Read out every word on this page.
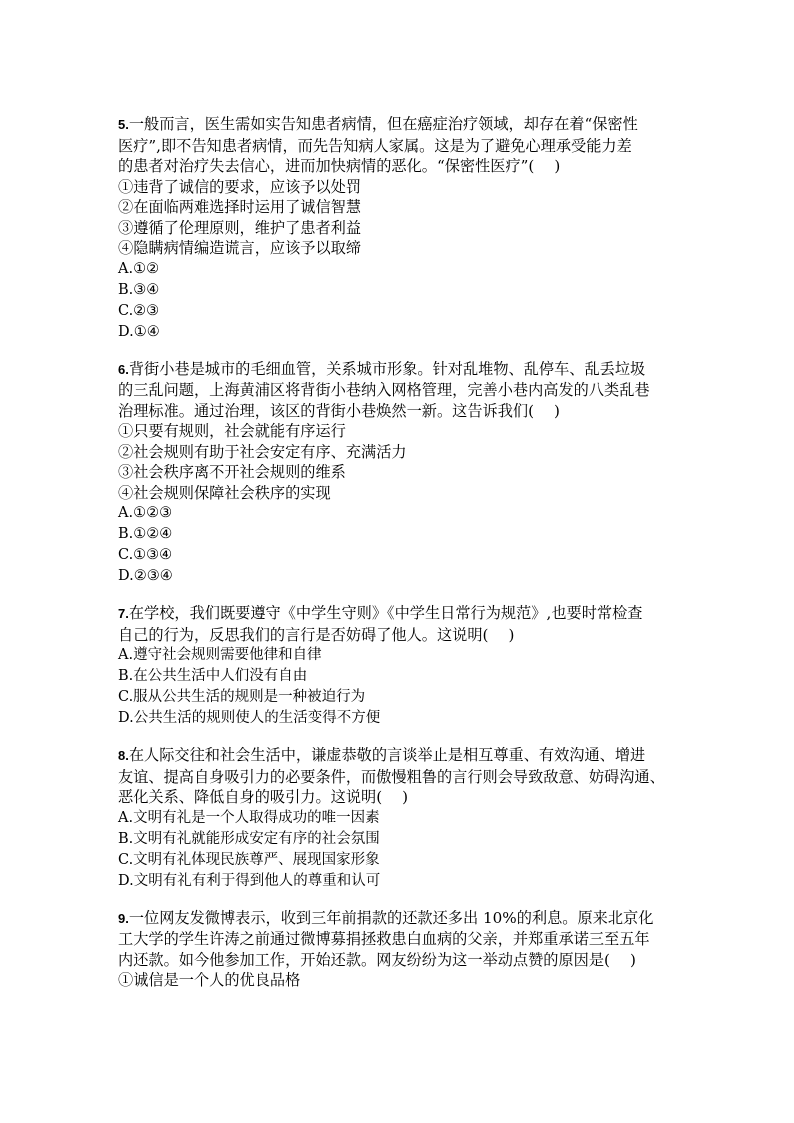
5.一般而言，医生需如实告知患者病情，但在癌症治疗领域，却存在着“保密性
医疗”,即不告知患者病情，而先告知病人家属。这是为了避免心理承受能力差
的患者对治疗失去信心，进而加快病情的恶化。“保密性医疗”(　 )
①违背了诚信的要求，应该予以处罚
②在面临两难选择时运用了诚信智慧
③遵循了伦理原则，维护了患者利益
④隐瞒病情编造谎言，应该予以取缔
A.①②
B.③④
C.②③
D.①④
6.背街小巷是城市的毛细血管，关系城市形象。针对乱堆物、乱停车、乱丢垃圾
的三乱问题，上海黄浦区将背街小巷纳入网格管理，完善小巷内高发的八类乱巷
治理标准。通过治理，该区的背街小巷焕然一新。这告诉我们(　 )
①只要有规则，社会就能有序运行
②社会规则有助于社会安定有序、充满活力
③社会秩序离不开社会规则的维系
④社会规则保障社会秩序的实现
A.①②③
B.①②④
C.①③④
D.②③④
7.在学校，我们既要遵守《中学生守则》《中学生日常行为规范》,也要时常检查
自己的行为，反思我们的言行是否妨碍了他人。这说明(　 )
A.遵守社会规则需要他律和自律
B.在公共生活中人们没有自由
C.服从公共生活的规则是一种被迫行为
D.公共生活的规则使人的生活变得不方便
8.在人际交往和社会生活中，谦虚恭敬的言谈举止是相互尊重、有效沟通、增进
友谊、提高自身吸引力的必要条件，而傲慢粗鲁的言行则会导致敌意、妨碍沟通、
恶化关系、降低自身的吸引力。这说明(　 )
A.文明有礼是一个人取得成功的唯一因素
B.文明有礼就能形成安定有序的社会氛围
C.文明有礼体现民族尊严、展现国家形象
D.文明有礼有利于得到他人的尊重和认可
9.一位网友发微博表示，收到三年前捐款的还款还多出 10%的利息。原来北京化
工大学的学生许涛之前通过微博募捐拯救患白血病的父亲，并郑重承诺三至五年
内还款。如今他参加工作，开始还款。网友纷纷为这一举动点赞的原因是(　 )
①诚信是一个人的优良品格
